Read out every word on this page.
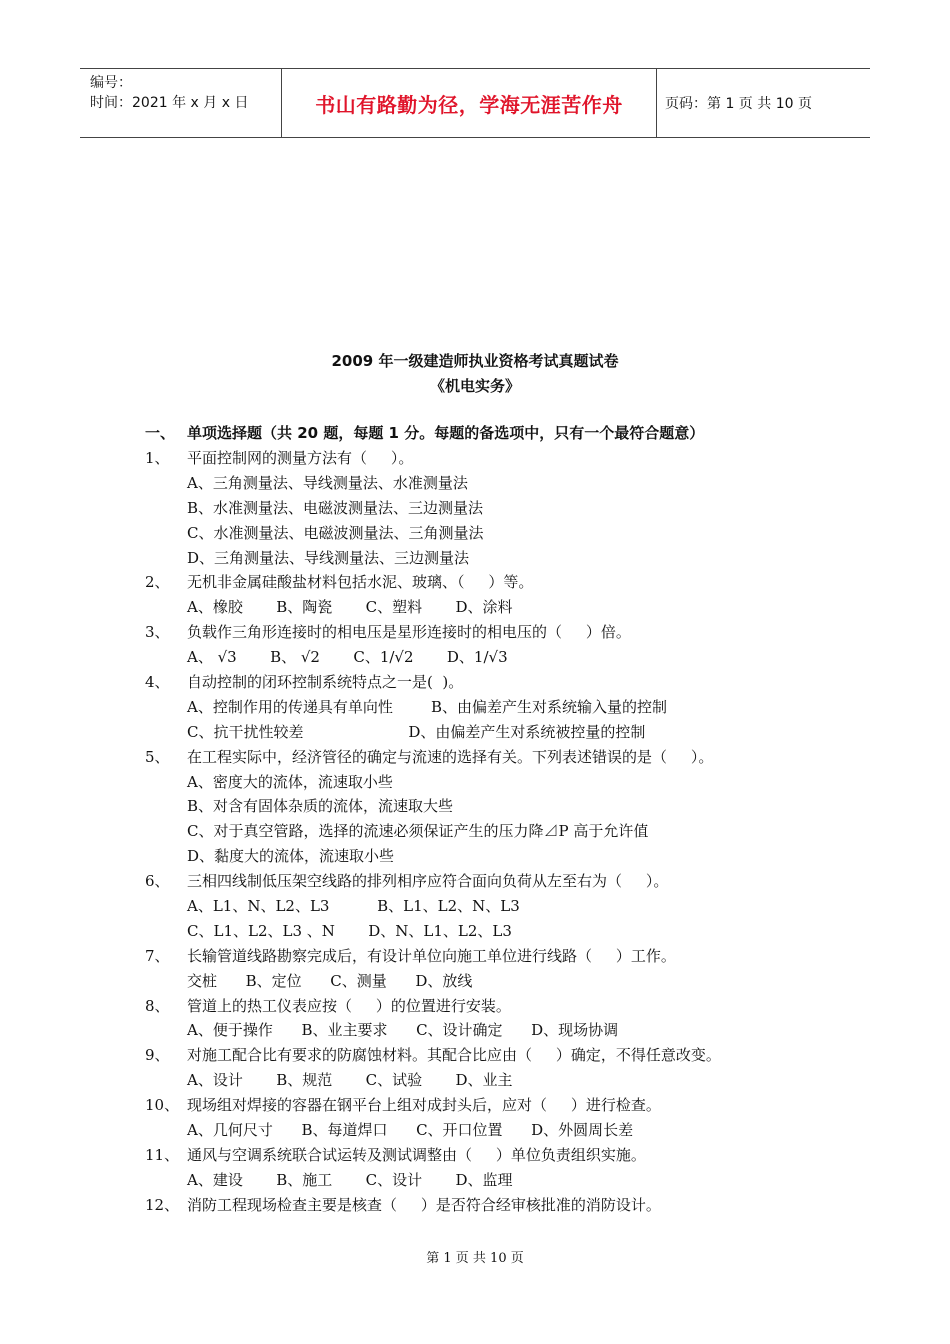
编号：
时间：2021 年 x 月 x 日	书山有路勤为径，学海无涯苦作舟	页码：第 1 页 共 10 页
2009 年一级建造师执业资格考试真题试卷
《机电实务》
一、 单项选择题（共 20 题，每题 1 分。每题的备选项中，只有一个最符合题意）
1、 平面控制网的测量方法有（     ）。
A、三角测量法、导线测量法、水准测量法
B、水准测量法、电磁波测量法、三边测量法
C、水准测量法、电磁波测量法、三角测量法
D、三角测量法、导线测量法、三边测量法
2、 无机非金属硅酸盐材料包括水泥、玻璃、（     ）等。
A、橡胶       B、陶瓷       C、塑料       D、涂料
3、 负载作三角形连接时的相电压是星形连接时的相电压的（     ）倍。
A、 √3       B、 √2       C、1/√2       D、1/√3
4、 自动控制的闭环控制系统特点之一是(  )。
A、控制作用的传递具有单向性        B、由偏差产生对系统输入量的控制
C、抗干扰性较差                      D、由偏差产生对系统被控量的控制
5、 在工程实际中，经济管径的确定与流速的选择有关。下列表述错误的是（     ）。
A、密度大的流体，流速取小些
B、对含有固体杂质的流体，流速取大些
C、对于真空管路，选择的流速必须保证产生的压力降⊿P 高于允许值
D、黏度大的流体，流速取小些
6、 三相四线制低压架空线路的排列相序应符合面向负荷从左至右为（     ）。
A、L1、N、L2、L3          B、L1、L2、N、L3
C、L1、L2、L3 、N       D、N、L1、L2、L3
7、 长输管道线路勘察完成后，有设计单位向施工单位进行线路（     ）工作。
交桩      B、定位      C、测量      D、放线
8、 管道上的热工仪表应按（     ）的位置进行安装。
A、便于操作      B、业主要求      C、设计确定      D、现场协调
9、 对施工配合比有要求的防腐蚀材料。其配合比应由（     ）确定，不得任意改变。
A、设计       B、规范       C、试验       D、业主
10、 现场组对焊接的容器在钢平台上组对成封头后，应对（     ）进行检查。
A、几何尺寸      B、每道焊口      C、开口位置      D、外圆周长差
11、 通风与空调系统联合试运转及测试调整由（     ）单位负责组织实施。
A、建设       B、施工       C、设计       D、监理
12、 消防工程现场检查主要是核查（     ）是否符合经审核批准的消防设计。
第 1 页 共 10 页
